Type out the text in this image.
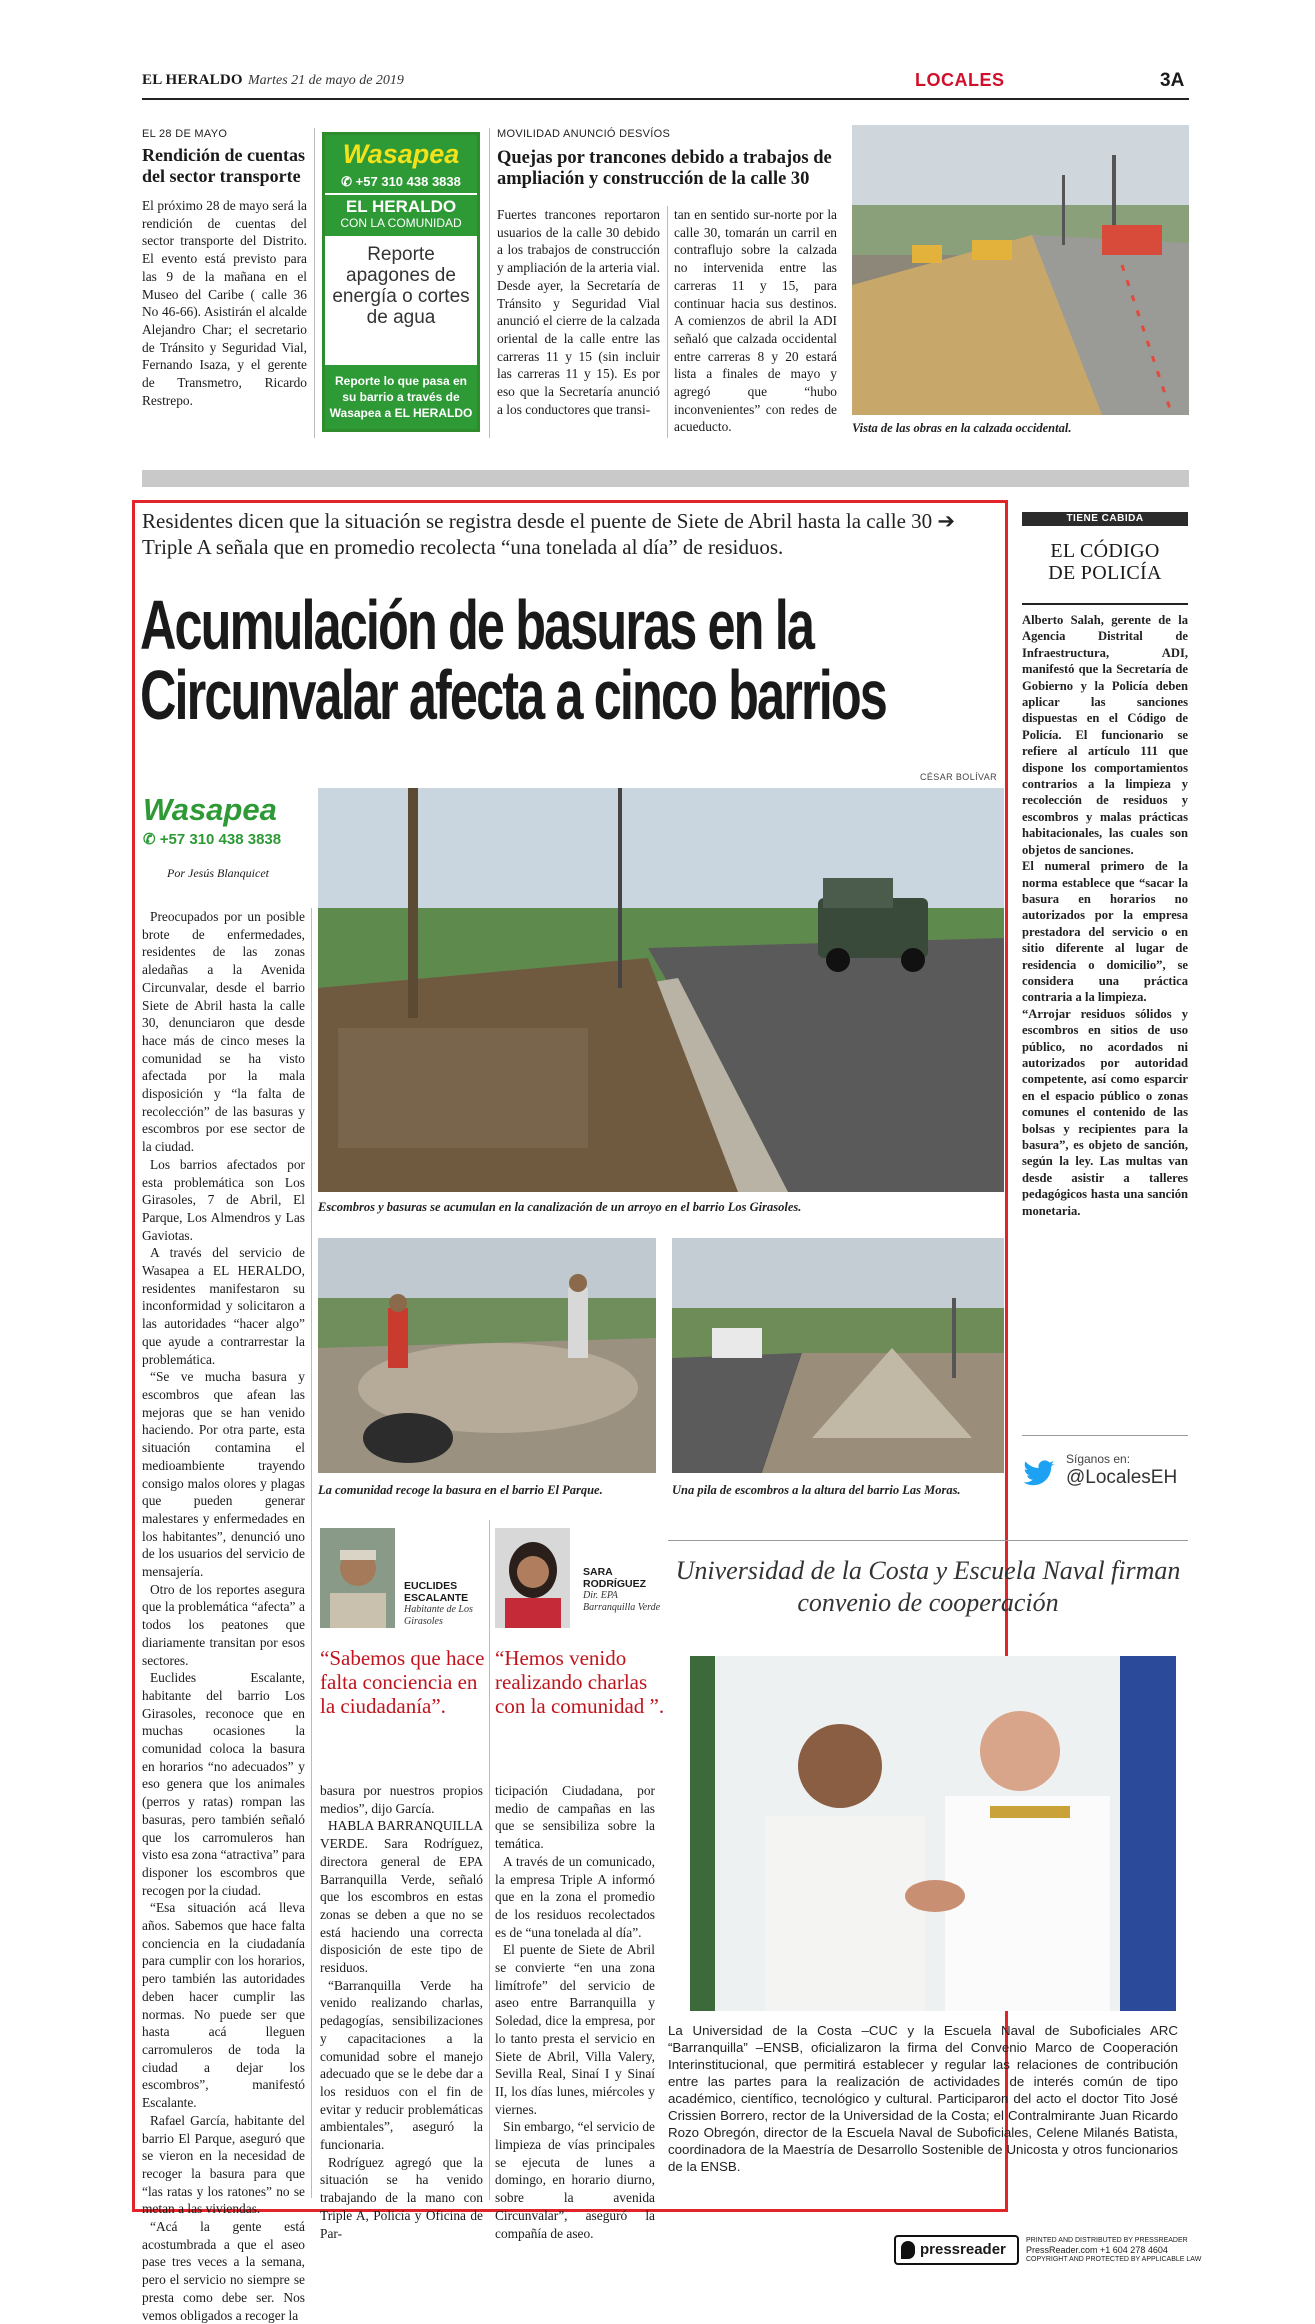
EL HERALDO Martes 21 de mayo de 2019	LOCALES	3A
EL 28 DE MAYO
Rendición de cuentas del sector transporte
El próximo 28 de mayo será la rendición de cuentas del sector transporte del Distrito. El evento está previsto para las 9 de la mañana en el Museo del Caribe ( calle 36 No 46-66). Asistirán el alcalde Alejandro Char; el secretario de Tránsito y Seguridad Vial, Fernando Isaza, y el gerente de Transmetro, Ricardo Restrepo.
Wasapea
✆ +57 310 438 3838
EL HERALDO
CON LA COMUNIDAD
Reporte apagones de energía o cortes de agua
Reporte lo que pasa en su barrio a través de Wasapea a EL HERALDO
MOVILIDAD ANUNCIÓ DESVÍOS
Quejas por trancones debido a trabajos de ampliación y construcción de la calle 30
Fuertes trancones reportaron usuarios de la calle 30 debido a los trabajos de construcción y ampliación de la arteria vial. Desde ayer, la Secretaría de Tránsito y Seguridad Vial anunció el cierre de la calzada oriental de la calle entre las carreras 11 y 15 (sin incluir las carreras 11 y 15). Es por eso que la Secretaría anunció a los conductores que transi-
tan en sentido sur-norte por la calle 30, tomarán un carril en contraflujo sobre la calzada no intervenida entre las carreras 11 y 15, para continuar hacia sus destinos. A comienzos de abril la ADI señaló que calzada occidental entre carreras 8 y 20 estará lista a finales de mayo y agregó que “hubo inconvenientes” con redes de acueducto.	Vista de las obras en la calzada occidental.
Residentes dicen que la situación se registra desde el puente de Siete de Abril hasta la calle 30 ➔ Triple A señala que en promedio recolecta “una tonelada al día” de residuos.
Acumulación de basuras en la
Circunvalar afecta a cinco barrios
CÉSAR BOLÍVAR
Wasapea
✆ +57 310 438 3838
Por Jesús Blanquicet
Escombros y basuras se acumulan en la canalización de un arroyo en el barrio Los Girasoles.
La comunidad recoge la basura en el barrio El Parque.	Una pila de escombros a la altura del barrio Las Moras.

Preocupados por un posible brote de enfermedades, residentes de las zonas aledañas a la Avenida Circunvalar, desde el barrio Siete de Abril hasta la calle 30, denunciaron que desde hace más de cinco meses la comunidad se ha visto afectada por la mala disposición y “la falta de recolección” de las basuras y escombros por ese sector de la ciudad.

Los barrios afectados por esta problemática son Los Girasoles, 7 de Abril, El Parque, Los Almendros y Las Gaviotas.

A través del servicio de Wasapea a EL HERALDO, residentes manifestaron su inconformidad y solicitaron a las autoridades “hacer algo” que ayude a contrarrestar la problemática.

“Se ve mucha basura y escombros que afean las mejoras que se han venido haciendo. Por otra parte, esta situación contamina el medioambiente trayendo consigo malos olores y plagas que pueden generar malestares y enfermedades en los habitantes”, denunció uno de los usuarios del servicio de mensajería.

Otro de los reportes asegura que la problemática “afecta” a todos los peatones que diariamente transitan por esos sectores.

Euclides Escalante, habitante del barrio Los Girasoles, reconoce que en muchas ocasiones la comunidad coloca la basura en horarios “no adecuados” y eso genera que los animales (perros y ratas) rompan las basuras, pero también señaló que los carromuleros han visto esa zona “atractiva” para disponer los escombros que recogen por la ciudad.

“Esa situación acá lleva años. Sabemos que hace falta conciencia en la ciudadanía para cumplir con los horarios, pero también las autoridades deben hacer cumplir las normas. No puede ser que hasta acá lleguen carromuleros de toda la ciudad a dejar los escombros”, manifestó Escalante.

Rafael García, habitante del barrio El Parque, aseguró que se vieron en la necesidad de recoger la basura para que “las ratas y los ratones” no se metan a las viviendas.

“Acá la gente está acostumbrada a que el aseo pase tres veces a la semana, pero el servicio no siempre se presta como debe ser. Nos vemos obligados a recoger la

EUCLIDES ESCALANTE
Habitante de Los Girasoles
“Sabemos que hace falta conciencia en la ciudadanía”.
SARA RODRÍGUEZ
Dir. EPA Barranquilla Verde
“Hemos venido realizando charlas con la comunidad ”.

basura por nuestros propios medios”, dijo García.

HABLA BARRANQUILLA VERDE. Sara Rodríguez, directora general de EPA Barranquilla Verde, señaló que los escombros en estas zonas se deben a que no se está haciendo una correcta disposición de este tipo de residuos.

“Barranquilla Verde ha venido realizando charlas, pedagogías, sensibilizaciones y capacitaciones a la comunidad sobre el manejo adecuado que se le debe dar a los residuos con el fin de evitar y reducir problemáticas ambientales”, aseguró la funcionaria.

Rodríguez agregó que la situación se ha venido trabajando de la mano con Triple A, Policía y Oficina de Par-

ticipación Ciudadana, por medio de campañas en las que se sensibiliza sobre la temática.

A través de un comunicado, la empresa Triple A informó que en la zona el promedio de los residuos recolectados es de “una tonelada al día”.

El puente de Siete de Abril se convierte “en una zona limítrofe” del servicio de aseo entre Barranquilla y Soledad, dice la empresa, por lo tanto presta el servicio en Siete de Abril, Villa Valery, Sevilla Real, Sinaí I y Sinaí II, los días lunes, miércoles y viernes.

Sin embargo, “el servicio de limpieza de vías principales se ejecuta de lunes a domingo, en horario diurno, sobre la avenida Circunvalar”, aseguró la compañía de aseo.

TIENE CABIDA
EL CÓDIGO DE POLICÍA

Alberto Salah, gerente de la Agencia Distrital de Infraestructura, ADI, manifestó que la Secretaría de Gobierno y la Policía deben aplicar las sanciones dispuestas en el Código de Policía. El funcionario se refiere al artículo 111 que dispone los comportamientos contrarios a la limpieza y recolección de residuos y escombros y malas prácticas habitacionales, las cuales son objetos de sanciones.

El numeral primero de la norma establece que “sacar la basura en horarios no autorizados por la empresa prestadora del servicio o en sitio diferente al lugar de residencia o domicilio”, se considera una práctica contraria a la limpieza.

“Arrojar residuos sólidos y escombros en sitios de uso público, no acordados ni autorizados por autoridad competente, así como esparcir en el espacio público o zonas comunes el contenido de las bolsas y recipientes para la basura”, es objeto de sanción, según la ley. Las multas van desde asistir a talleres pedagógicos hasta una sanción monetaria.

Síganos en:
@LocalesEH
Universidad de la Costa y Escuela Naval firman convenio de cooperación
La Universidad de la Costa –CUC y la Escuela Naval de Suboficiales ARC “Barranquilla” –ENSB, oficializaron la firma del Convenio Marco de Cooperación Interinstitucional, que permitirá establecer y regular las relaciones de contribución entre las partes para la realización de actividades de interés común de tipo académico, científico, tecnológico y cultural. Participaron del acto el doctor Tito José Crissien Borrero, rector de la Universidad de la Costa; el Contralmirante Juan Ricardo Rozo Obregón, director de la Escuela Naval de Suboficiales, Celene Milanés Batista, coordinadora de la Maestría de Desarrollo Sostenible de Unicosta y otros funcionarios de la ENSB.
pressreader
PRINTED AND DISTRIBUTED BY PRESSREADER
PressReader.com +1 604 278 4604
COPYRIGHT AND PROTECTED BY APPLICABLE LAW
